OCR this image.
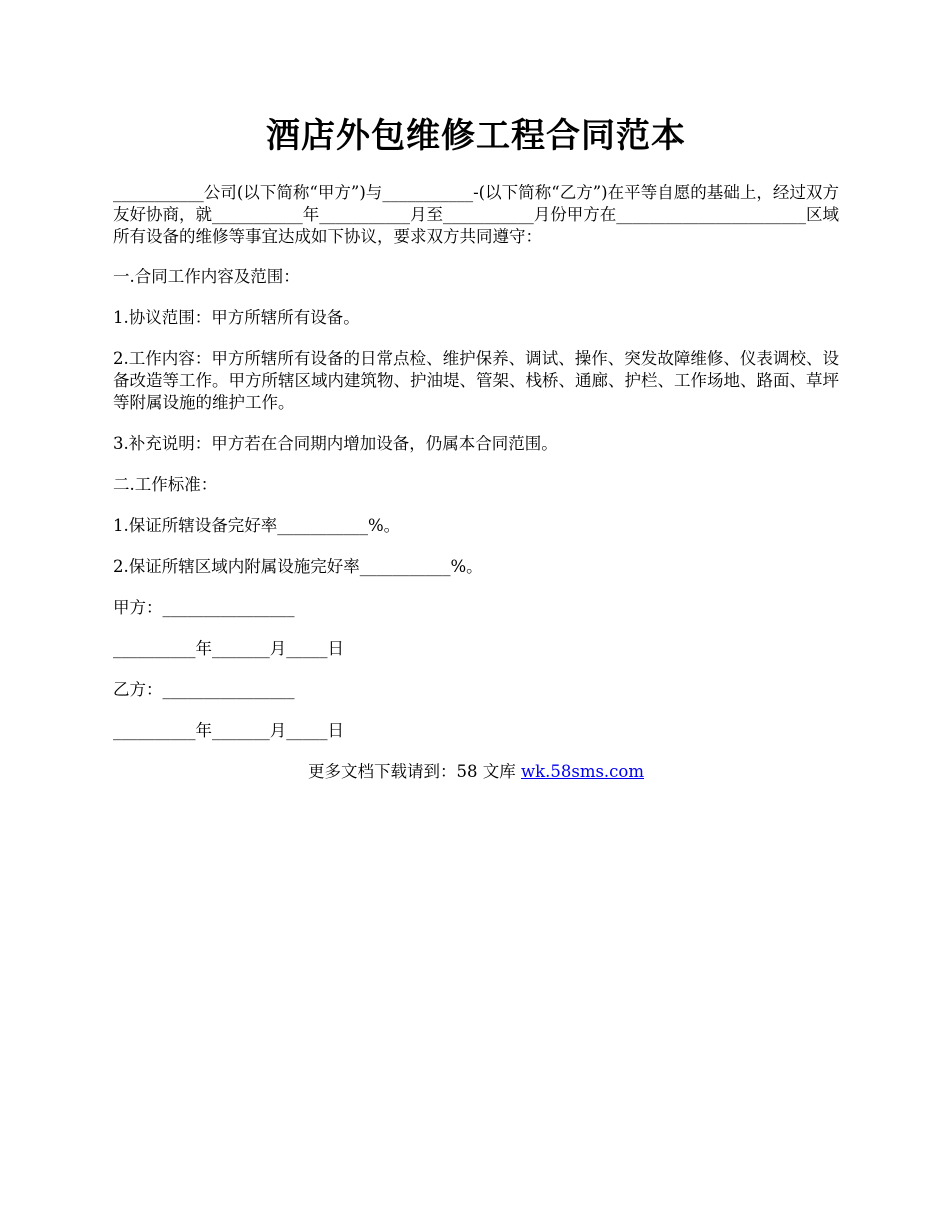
酒店外包维修工程合同范本

___________公司(以下简称“甲方”)与___________-(以下简称“乙方”)在平等自愿的基础上，经过双方友好协商，就___________年___________月至___________月份甲方在_______________________区域所有设备的维修等事宜达成如下协议，要求双方共同遵守：

一.合同工作内容及范围：

1.协议范围：甲方所辖所有设备。

2.工作内容：甲方所辖所有设备的日常点检、维护保养、调试、操作、突发故障维修、仪表调校、设备改造等工作。甲方所辖区域内建筑物、护油堤、管架、栈桥、通廊、护栏、工作场地、路面、草坪等附属设施的维护工作。

3.补充说明：甲方若在合同期内增加设备，仍属本合同范围。

二.工作标准：

1.保证所辖设备完好率___________%。

2.保证所辖区域内附属设施完好率___________%。

甲方：________________

__________年_______月_____日

乙方：________________

__________年_______月_____日

更多文档下载请到：58 文库 wk.58sms.com
